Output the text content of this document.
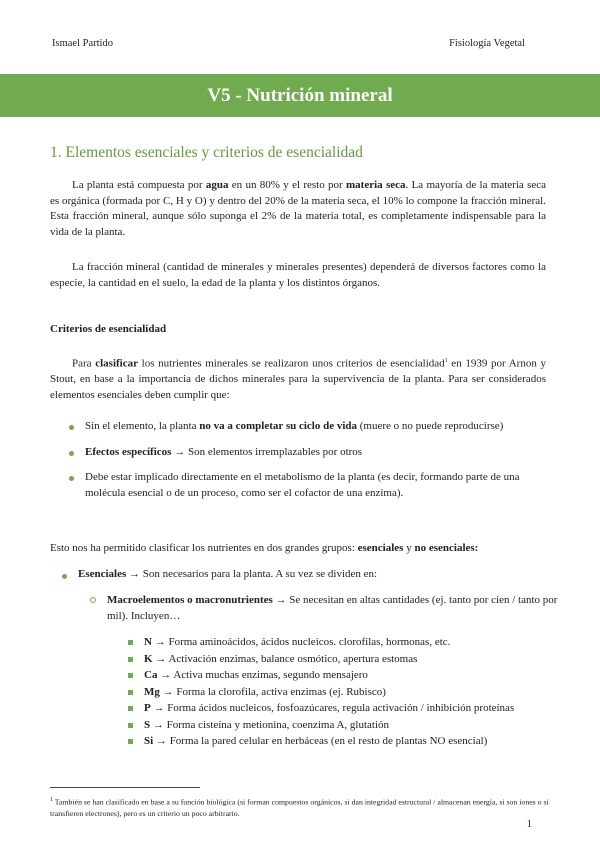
Ismael Partido	Fisiología Vegetal
V5 - Nutrición mineral
1. Elementos esenciales y criterios de esencialidad

La planta está compuesta por agua en un 80% y el resto por materia seca. La mayoría de la materia seca es orgánica (formada por C, H y O) y dentro del 20% de la materia seca, el 10% lo compone la fracción mineral. Esta fracción mineral, aunque sólo suponga el 2% de la materia total, es completamente indispensable para la vida de la planta.

La fracción mineral (cantidad de minerales y minerales presentes) dependerá de diversos factores como la especie, la cantidad en el suelo, la edad de la planta y los distintos órganos.

Criterios de esencialidad

Para clasificar los nutrientes minerales se realizaron unos criterios de esencialidad$^1$ en 1939 por Arnon y Stout, en base a la importancia de dichos minerales para la supervivencia de la planta. Para ser considerados elementos esenciales deben cumplir que:

Sin el elemento, la planta no va a completar su ciclo de vida (muere o no puede reproducirse)
Efectos específicos → Son elementos irremplazables por otros
Debe estar implicado directamente en el metabolismo de la planta (es decir, formando parte de una molécula esencial o de un proceso, como ser el cofactor de una enzima).

Esto nos ha permitido clasificar los nutrientes en dos grandes grupos: esenciales y no esenciales:

Esenciales → Son necesarios para la planta. A su vez se dividen en:
Macroelementos o macronutrientes → Se necesitan en altas cantidades (ej. tanto por cien / tanto por mil). Incluyen…
N → Forma aminoácidos, ácidos nucleicos. clorofilas, hormonas, etc.
K → Activación enzimas, balance osmótico, apertura estomas
Ca → Activa muchas enzimas, segundo mensajero
Mg → Forma la clorofila, activa enzimas (ej. Rubisco)
P → Forma ácidos nucleicos, fosfoazúcares, regula activación / inhibición proteínas
S → Forma cisteína y metionina, coenzima A, glutatión
Si → Forma la pared celular en herbáceas (en el resto de plantas NO esencial)
$^1$ También se han clasificado en base a su función biológica (si forman compuestos orgánicos, si dan integridad estructural / almacenan energía, si son iones o si transfieren electrones), pero es un criterio un poco arbitrario.
1
